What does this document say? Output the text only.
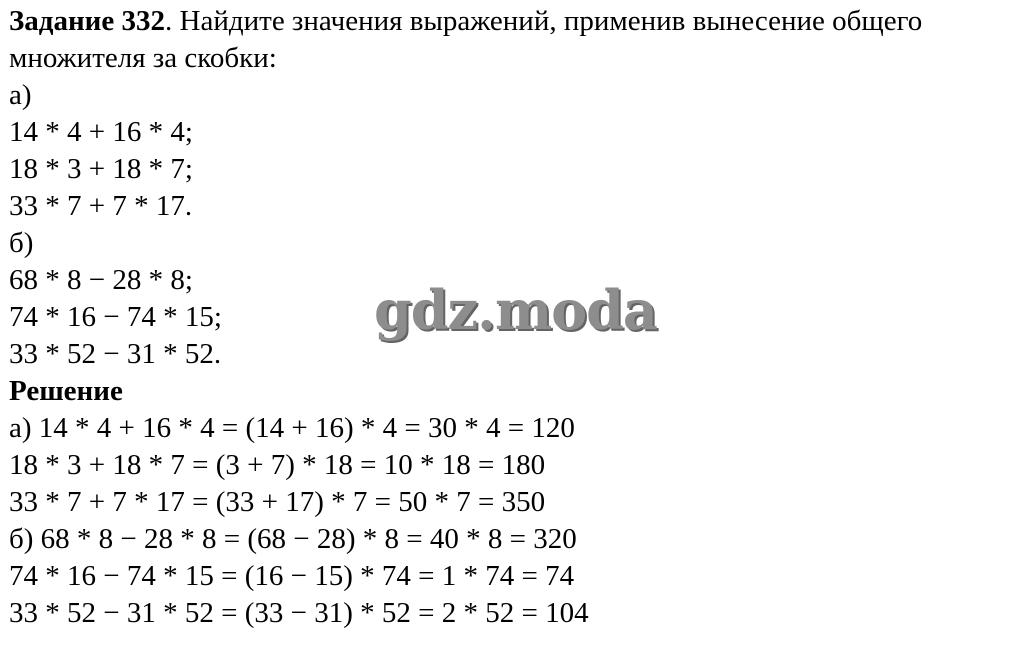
Задание 332. Найдите значения выражений, применив вынесение общего
множителя за скобки:
а)
14 * 4 + 16 * 4;
18 * 3 + 18 * 7;
33 * 7 + 7 * 17.
б)
68 * 8 − 28 * 8;
74 * 16 − 74 * 15;
33 * 52 − 31 * 52.
Решение
а) 14 * 4 + 16 * 4 = (14 + 16) * 4 = 30 * 4 = 120
18 * 3 + 18 * 7 = (3 + 7) * 18 = 10 * 18 = 180
33 * 7 + 7 * 17 = (33 + 17) * 7 = 50 * 7 = 350
б) 68 * 8 − 28 * 8 = (68 − 28) * 8 = 40 * 8 = 320
74 * 16 − 74 * 15 = (16 − 15) * 74 = 1 * 74 = 74
33 * 52 − 31 * 52 = (33 − 31) * 52 = 2 * 52 = 104
gdz.moda
